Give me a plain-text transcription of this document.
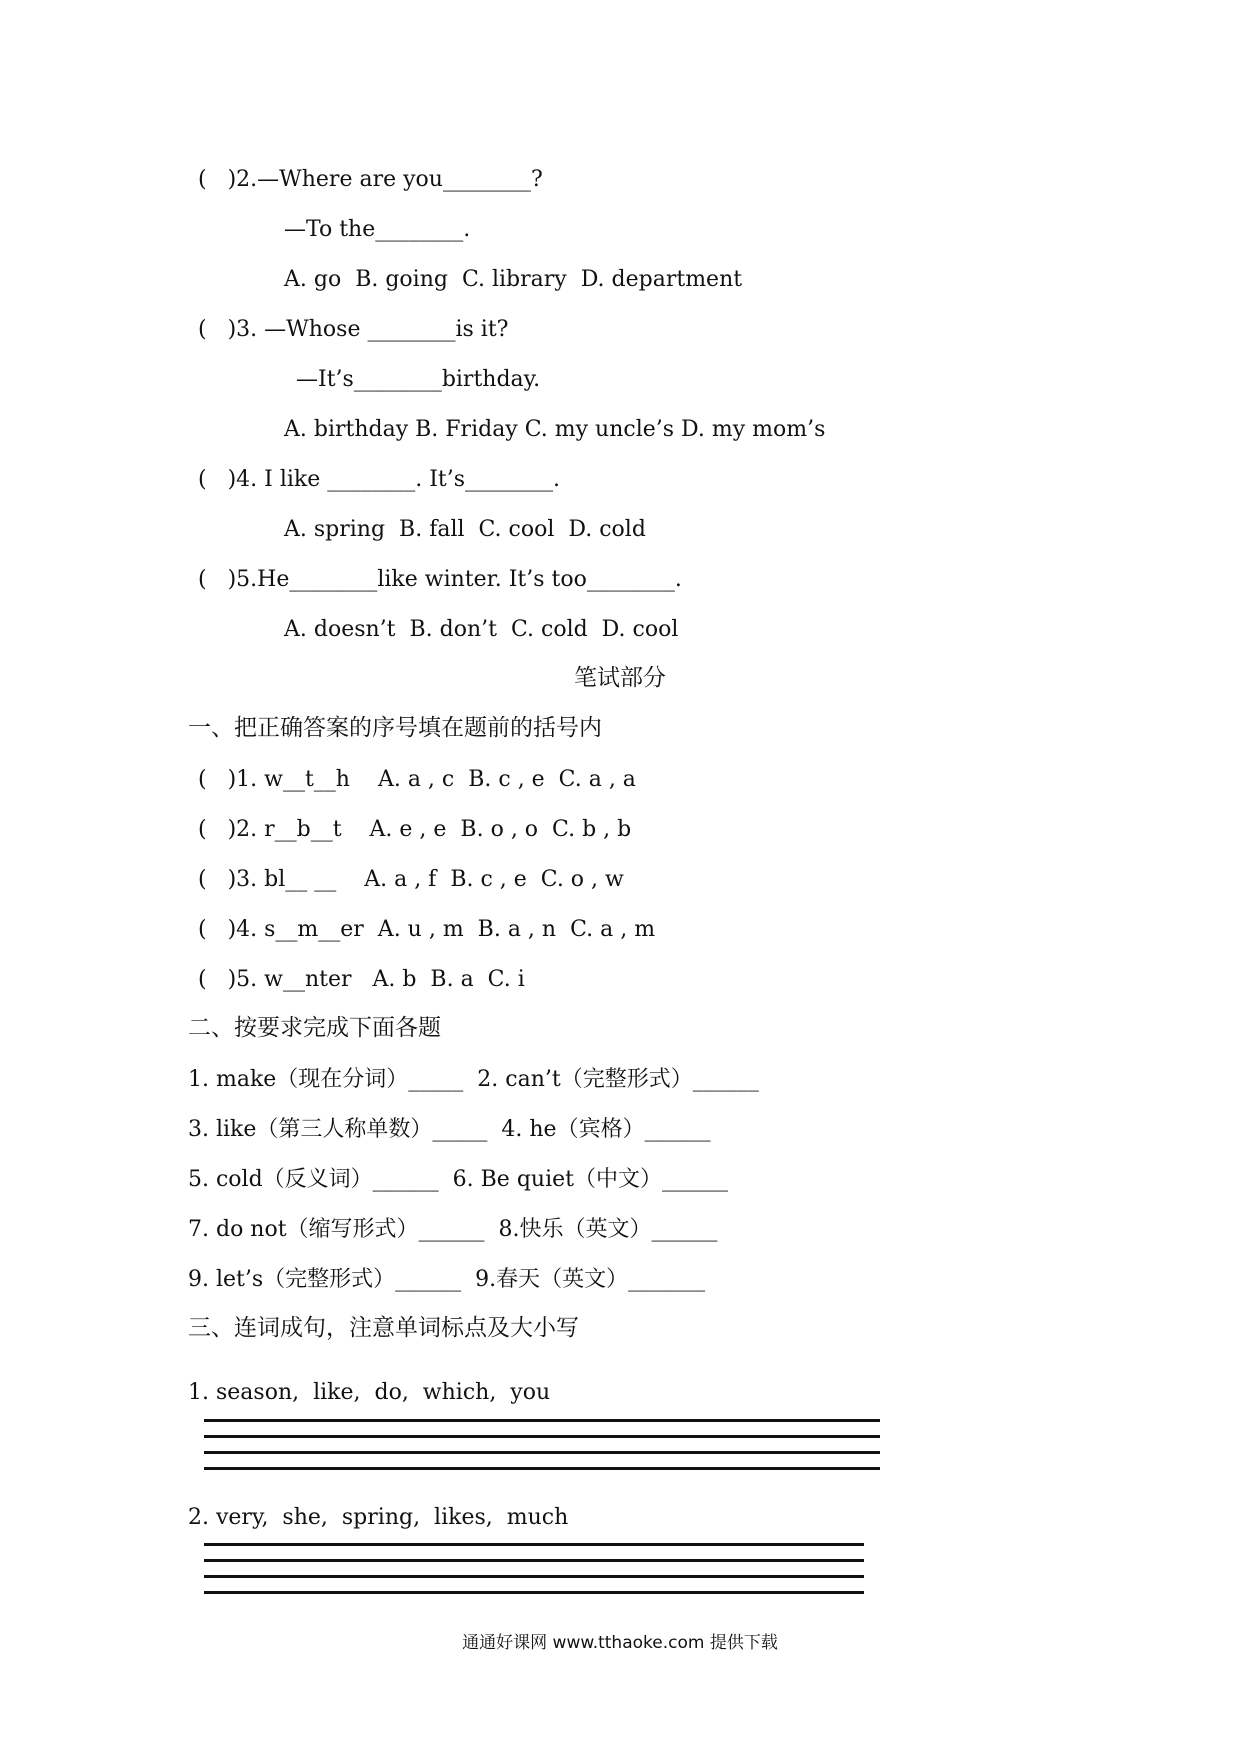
(   )2.—Where are you________?
—To the________.
A. go  B. going  C. library  D. department
(   )3. —Whose ________is it?
—It’s________birthday.
A. birthday B. Friday C. my uncle’s D. my mom’s
(   )4. I like ________. It’s________.
A. spring  B. fall  C. cool  D. cold
(   )5.He________like winter. It’s too________.
A. doesn’t  B. don’t  C. cold  D. cool
笔试部分
一、把正确答案的序号填在题前的括号内
(   )1. w__t__h    A. a , c  B. c , e  C. a , a
(   )2. r__b__t    A. e , e  B. o , o  C. b , b
(   )3. bl__ __    A. a , f  B. c , e  C. o , w
(   )4. s__m__er  A. u , m  B. a , n  C. a , m
(   )5. w__nter   A. b  B. a  C. i
二、按要求完成下面各题
1. make（现在分词）_____  2. can’t（完整形式）______
3. like（第三人称单数）_____  4. he（宾格）______
5. cold（反义词）______  6. Be quiet（中文）______
7. do not（缩写形式）______  8.快乐（英文）______
9. let’s（完整形式）______  9.春天（英文）_______
三、连词成句，注意单词标点及大小写
1. season,  like,  do,  which,  you
2. very,  she,  spring,  likes,  much
通通好课网 www.tthaoke.com 提供下载
